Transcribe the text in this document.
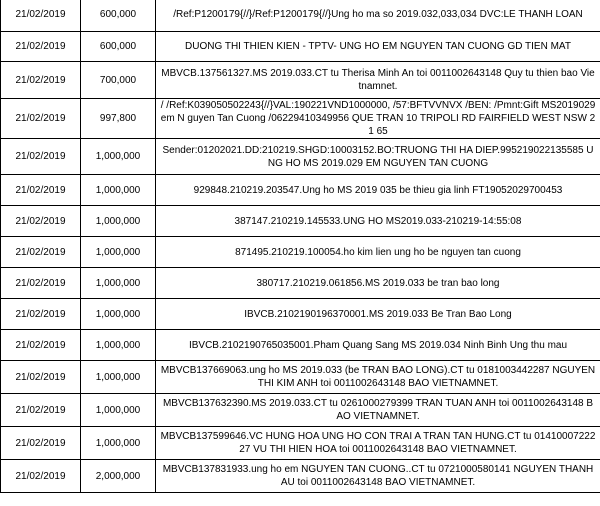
21/02/2019	600,000	/Ref:P1200179{//}/Ref:P1200179{//}Ung ho ma so 2019.032,033,034 DVC:LE THANH LOAN
21/02/2019	600,000	DUONG THI THIEN KIEN - TPTV- UNG HO EM NGUYEN TAN CUONG GD TIEN MAT
21/02/2019	700,000	MBVCB.137561327.MS 2019.033.CT tu Therisa Minh An toi 0011002643148 Quy tu thien bao Vietnamnet.
21/02/2019	997,800	/ /Ref:K039050502243{//}VAL:190221VND1000000, /57:BFTVVNVX /BEN: /Pmnt:Gift MS2019029 em N guyen Tan Cuong /06229410349956 QUE TRAN 10 TRIPOLI RD FAIRFIELD WEST NSW 21 65
21/02/2019	1,000,000	Sender:01202021.DD:210219.SHGD:10003152.BO:TRUONG THI HA DIEP.995219022135585 UNG HO MS 2019.029 EM NGUYEN TAN CUONG
21/02/2019	1,000,000	929848.210219.203547.Ung ho MS 2019 035 be thieu gia linh FT19052029700453
21/02/2019	1,000,000	387147.210219.145533.UNG HO MS2019.033-210219-14:55:08
21/02/2019	1,000,000	871495.210219.100054.ho kim lien ung ho be nguyen tan cuong
21/02/2019	1,000,000	380717.210219.061856.MS 2019.033 be tran bao long
21/02/2019	1,000,000	IBVCB.2102190196370001.MS 2019.033 Be Tran Bao Long
21/02/2019	1,000,000	IBVCB.2102190765035001.Pham Quang Sang MS 2019.034 Ninh Binh Ung thu mau
21/02/2019	1,000,000	MBVCB137669063.ung ho MS 2019.033 (be TRAN BAO LONG).CT tu 0181003442287 NGUYEN THI KIM ANH toi 0011002643148 BAO VIETNAMNET.
21/02/2019	1,000,000	MBVCB137632390.MS 2019.033.CT tu 0261000279399 TRAN TUAN ANH toi 0011002643148 BAO VIETNAMNET.
21/02/2019	1,000,000	MBVCB137599646.VC HUNG HOA UNG HO CON TRAI A TRAN TAN HUNG.CT tu 0141000722227 VU THI HIEN HOA toi 0011002643148 BAO VIETNAMNET.
21/02/2019	2,000,000	MBVCB137831933.ung ho em NGUYEN TAN CUONG..CT tu 0721000580141 NGUYEN THANH AU toi 0011002643148 BAO VIETNAMNET.
